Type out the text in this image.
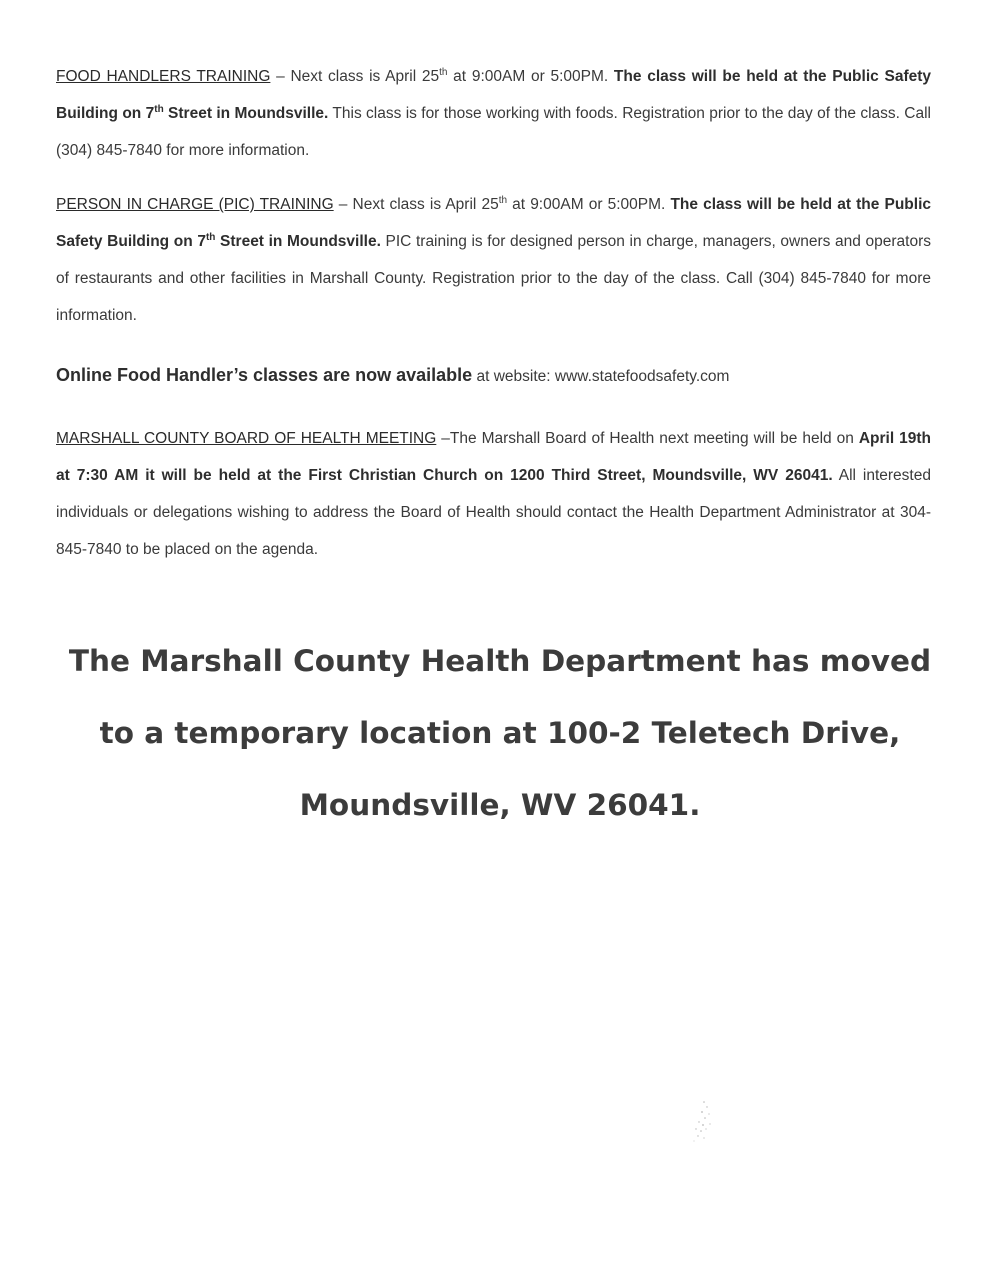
FOOD HANDLERS TRAINING – Next class is April 25th at 9:00AM or 5:00PM. The class will be held at the Public Safety Building on 7th Street in Moundsville. This class is for those working with foods. Registration prior to the day of the class. Call (304) 845-7840 for more information.

PERSON IN CHARGE (PIC) TRAINING – Next class is April 25th at 9:00AM or 5:00PM. The class will be held at the Public Safety Building on 7th Street in Moundsville. PIC training is for designed person in charge, managers, owners and operators of restaurants and other facilities in Marshall County. Registration prior to the day of the class. Call (304) 845-7840 for more information.

Online Food Handler’s classes are now available at website: www.statefoodsafety.com

MARSHALL COUNTY BOARD OF HEALTH MEETING –The Marshall Board of Health next meeting will be held on April 19th at 7:30 AM it will be held at the First Christian Church on 1200 Third Street, Moundsville, WV 26041. All interested individuals or delegations wishing to address the Board of Health should contact the Health Department Administrator at 304-845-7840 to be placed on the agenda.

The Marshall County Health Department has moved
to a temporary location at 100-2 Teletech Drive,
Moundsville, WV 26041.
